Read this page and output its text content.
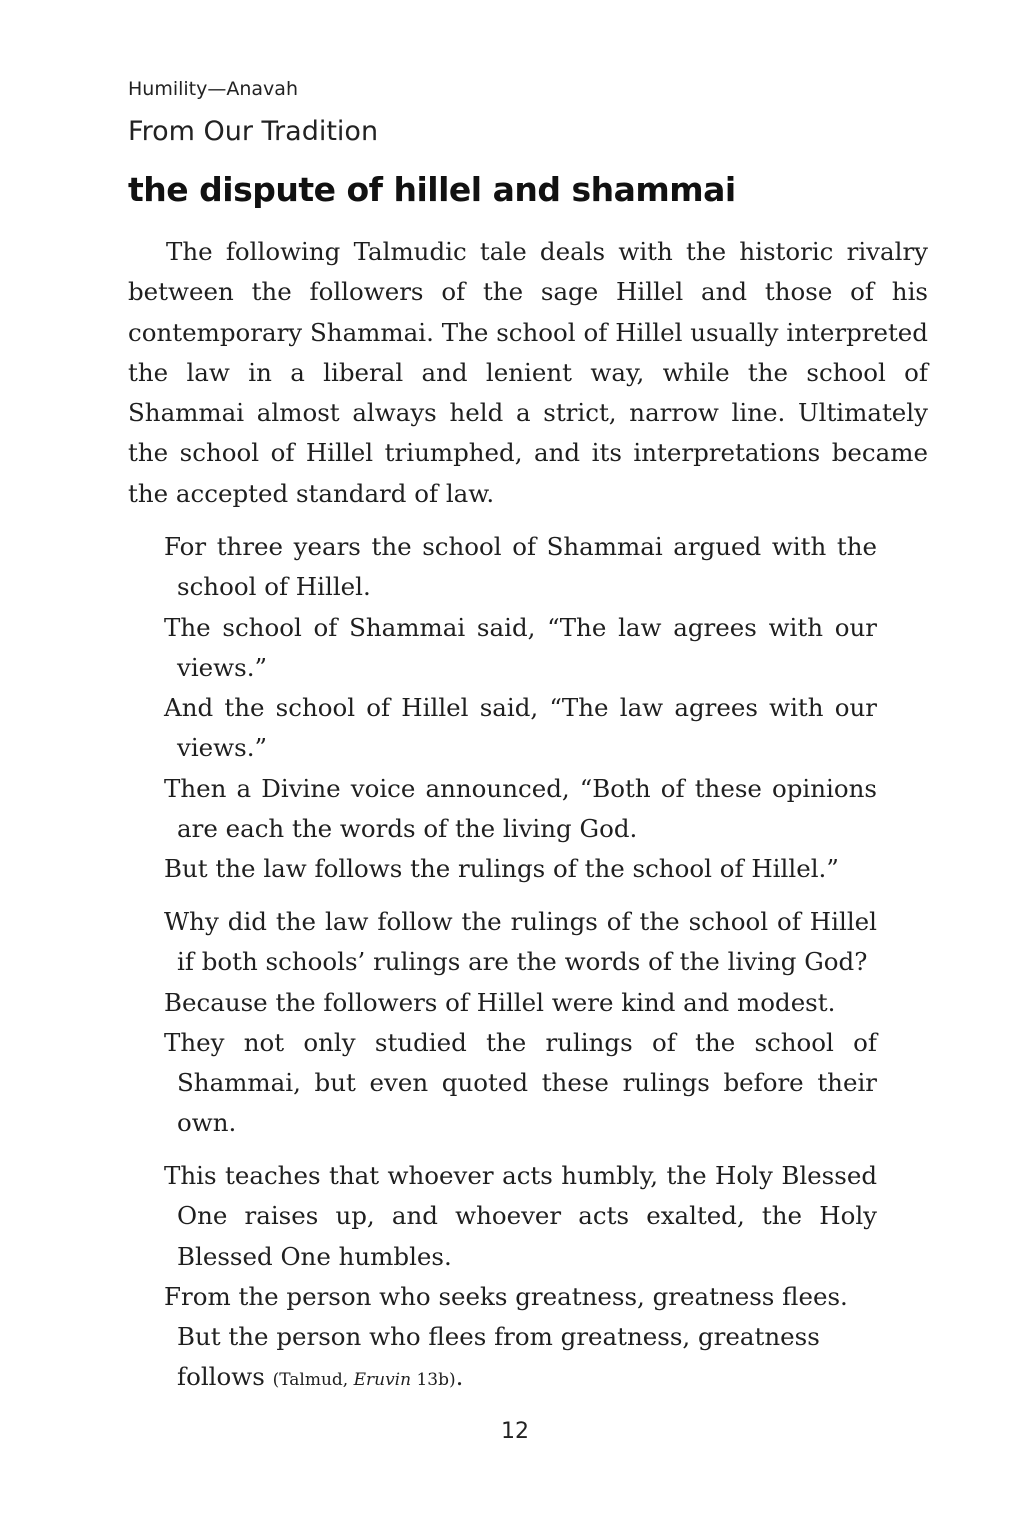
Humility—Anavah
From Our Tradition
the dispute of hillel and shammai

The following Talmudic tale deals with the historic rivalry between the followers of the sage Hillel and those of his contemporary Shammai. The school of Hillel usually interpreted the law in a liberal and lenient way, while the school of Shammai almost always held a strict, narrow line. Ultimately the school of Hillel triumphed, and its interpretations became the accepted standard of law.

For three years the school of Shammai argued with the school of Hillel.

The school of Shammai said, “The law agrees with our views.”

And the school of Hillel said, “The law agrees with our views.”

Then a Divine voice announced, “Both of these opinions are each the words of the living God.

But the law follows the rulings of the school of Hillel.”

Why did the law follow the rulings of the school of Hillel if both schools’ rulings are the words of the living God?

Because the followers of Hillel were kind and modest.

They not only studied the rulings of the school of Shammai, but even quoted these rulings before their own.

This teaches that whoever acts humbly, the Holy Blessed One raises up, and whoever acts exalted, the Holy Blessed One humbles.

From the person who seeks greatness, greatness flees. But the person who flees from greatness, greatness follows (Talmud, Eruvin 13b).

12
